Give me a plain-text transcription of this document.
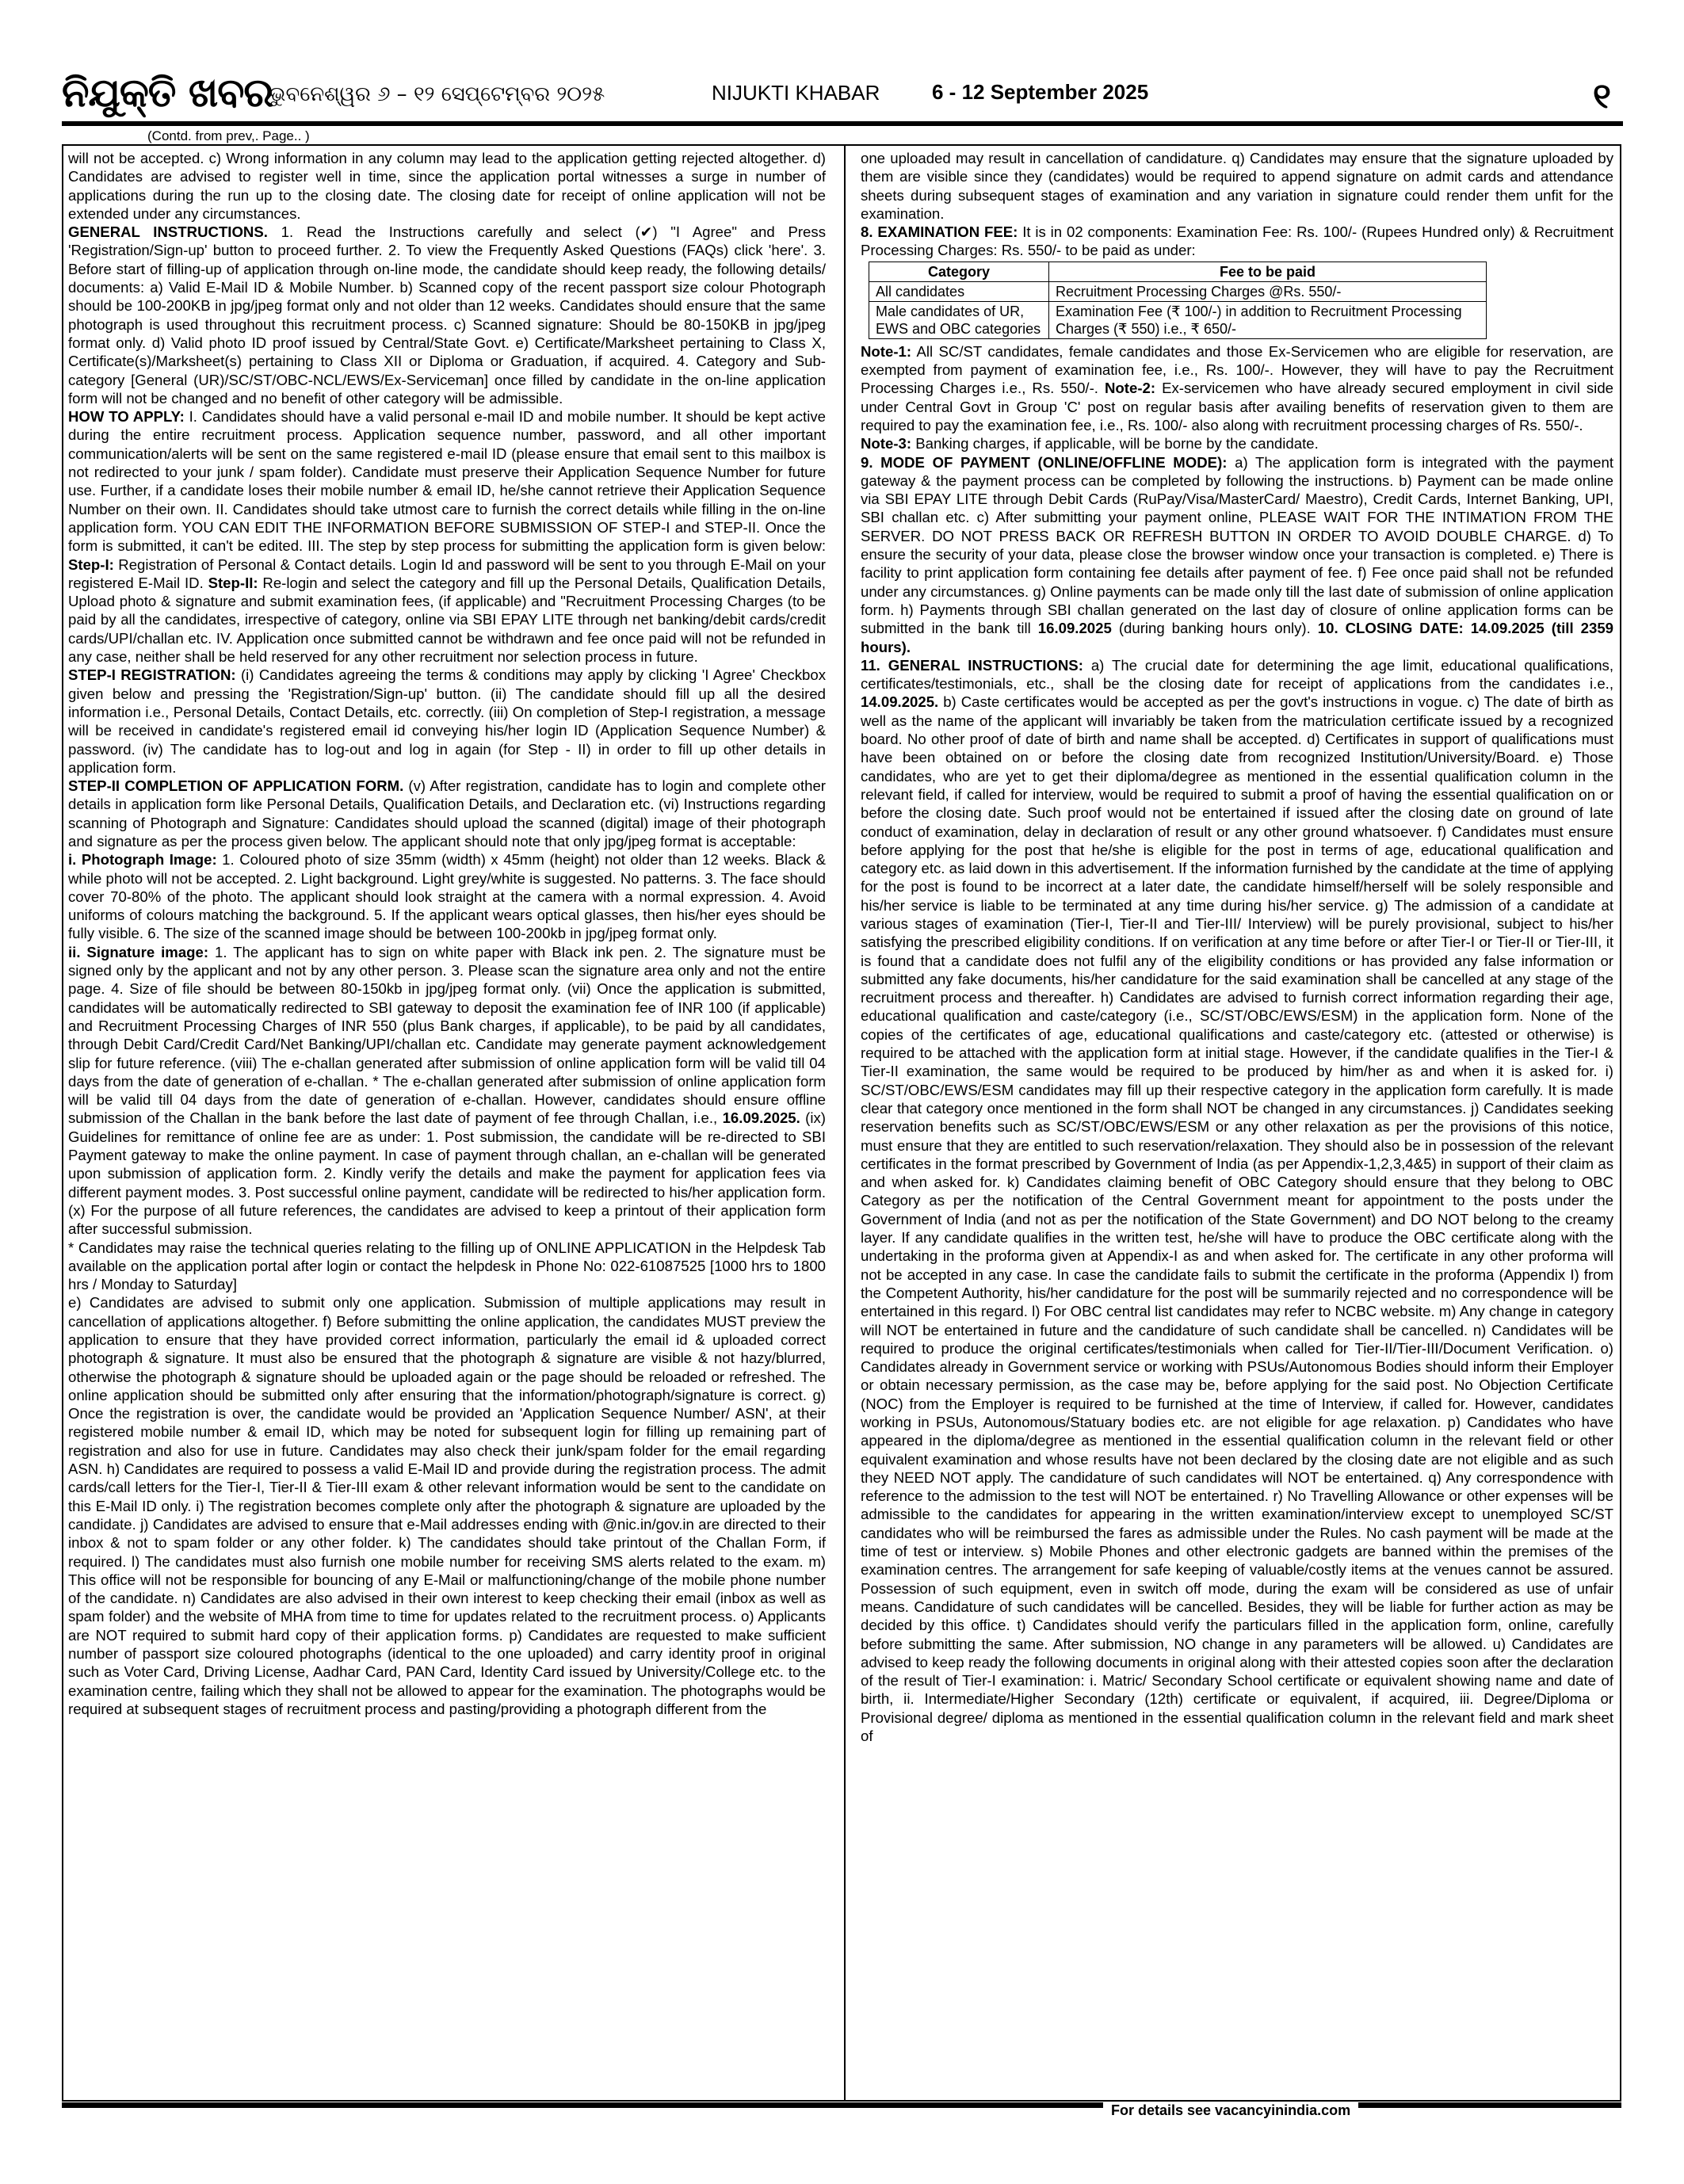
ନିଯୁକ୍ତି ଖବର
ଭୁବନେଶ୍ୱର ୬ – ୧୨ ସେପ୍ଟେମ୍ବର ୨୦୨୫	NIJUKTI KHABAR	6 - 12 September 2025	୧
(Contd. from prev,. Page.. )

will not be accepted. c) Wrong information in any column may lead to the application getting rejected altogether. d) Candidates are advised to register well in time, since the application portal witnesses a surge in number of applications during the run up to the closing date. The closing date for receipt of online application will not be extended under any circumstances.

GENERAL INSTRUCTIONS. 1. Read the Instructions carefully and select (✔) "I Agree" and Press 'Registration/Sign-up' button to proceed further. 2. To view the Frequently Asked Questions (FAQs) click 'here'. 3. Before start of filling-up of application through on-line mode, the candidate should keep ready, the following details/ documents: a) Valid E-Mail ID & Mobile Number. b) Scanned copy of the recent passport size colour Photograph should be 100-200KB in jpg/jpeg format only and not older than 12 weeks. Candidates should ensure that the same photograph is used throughout this recruitment process. c) Scanned signature: Should be 80-150KB in jpg/jpeg format only. d) Valid photo ID proof issued by Central/State Govt. e) Certificate/Marksheet pertaining to Class X, Certificate(s)/Marksheet(s) pertaining to Class XII or Diploma or Graduation, if acquired. 4. Category and Sub-category [General (UR)/SC/ST/OBC-NCL/EWS/Ex-Serviceman] once filled by candidate in the on-line application form will not be changed and no benefit of other category will be admissible.

HOW TO APPLY: I. Candidates should have a valid personal e-mail ID and mobile number. It should be kept active during the entire recruitment process. Application sequence number, password, and all other important communication/alerts will be sent on the same registered e-mail ID (please ensure that email sent to this mailbox is not redirected to your junk / spam folder). Candidate must preserve their Application Sequence Number for future use. Further, if a candidate loses their mobile number & email ID, he/she cannot retrieve their Application Sequence Number on their own. II. Candidates should take utmost care to furnish the correct details while filling in the on-line application form. YOU CAN EDIT THE INFORMATION BEFORE SUBMISSION OF STEP-I and STEP-II. Once the form is submitted, it can't be edited. III. The step by step process for submitting the application form is given below: Step-I: Registration of Personal & Contact details. Login Id and password will be sent to you through E-Mail on your registered E-Mail ID. Step-II: Re-login and select the category and fill up the Personal Details, Qualification Details, Upload photo & signature and submit examination fees, (if applicable) and "Recruitment Processing Charges (to be paid by all the candidates, irrespective of category, online via SBI EPAY LITE through net banking/debit cards/credit cards/UPI/challan etc. IV. Application once submitted cannot be withdrawn and fee once paid will not be refunded in any case, neither shall be held reserved for any other recruitment nor selection process in future.

STEP-I REGISTRATION: (i) Candidates agreeing the terms & conditions may apply by clicking 'I Agree' Checkbox given below and pressing the 'Registration/Sign-up' button. (ii) The candidate should fill up all the desired information i.e., Personal Details, Contact Details, etc. correctly. (iii) On completion of Step-I registration, a message will be received in candidate's registered email id conveying his/her login ID (Application Sequence Number) & password. (iv) The candidate has to log-out and log in again (for Step - II) in order to fill up other details in application form.

STEP-II COMPLETION OF APPLICATION FORM. (v) After registration, candidate has to login and complete other details in application form like Personal Details, Qualification Details, and Declaration etc. (vi) Instructions regarding scanning of Photograph and Signature: Candidates should upload the scanned (digital) image of their photograph and signature as per the process given below. The applicant should note that only jpg/jpeg format is acceptable:

i. Photograph Image: 1. Coloured photo of size 35mm (width) x 45mm (height) not older than 12 weeks. Black & while photo will not be accepted. 2. Light background. Light grey/white is suggested. No patterns. 3. The face should cover 70-80% of the photo. The applicant should look straight at the camera with a normal expression. 4. Avoid uniforms of colours matching the background. 5. If the applicant wears optical glasses, then his/her eyes should be fully visible. 6. The size of the scanned image should be between 100-200kb in jpg/jpeg format only.

ii. Signature image: 1. The applicant has to sign on white paper with Black ink pen. 2. The signature must be signed only by the applicant and not by any other person. 3. Please scan the signature area only and not the entire page. 4. Size of file should be between 80-150kb in jpg/jpeg format only. (vii) Once the application is submitted, candidates will be automatically redirected to SBI gateway to deposit the examination fee of INR 100 (if applicable) and Recruitment Processing Charges of INR 550 (plus Bank charges, if applicable), to be paid by all candidates, through Debit Card/Credit Card/Net Banking/UPI/challan etc. Candidate may generate payment acknowledgement slip for future reference. (viii) The e-challan generated after submission of online application form will be valid till 04 days from the date of generation of e-challan. * The e-challan generated after submission of online application form will be valid till 04 days from the date of generation of e-challan. However, candidates should ensure offline submission of the Challan in the bank before the last date of payment of fee through Challan, i.e., 16.09.2025. (ix) Guidelines for remittance of online fee are as under: 1. Post submission, the candidate will be re-directed to SBI Payment gateway to make the online payment. In case of payment through challan, an e-challan will be generated upon submission of application form. 2. Kindly verify the details and make the payment for application fees via different payment modes. 3. Post successful online payment, candidate will be redirected to his/her application form. (x) For the purpose of all future references, the candidates are advised to keep a printout of their application form after successful submission.

* Candidates may raise the technical queries relating to the filling up of ONLINE APPLICATION in the Helpdesk Tab available on the application portal after login or contact the helpdesk in Phone No: 022-61087525 [1000 hrs to 1800 hrs / Monday to Saturday]

e) Candidates are advised to submit only one application. Submission of multiple applications may result in cancellation of applications altogether. f) Before submitting the online application, the candidates MUST preview the application to ensure that they have provided correct information, particularly the email id & uploaded correct photograph & signature. It must also be ensured that the photograph & signature are visible & not hazy/blurred, otherwise the photograph & signature should be uploaded again or the page should be reloaded or refreshed. The online application should be submitted only after ensuring that the information/photograph/signature is correct. g) Once the registration is over, the candidate would be provided an 'Application Sequence Number/ ASN', at their registered mobile number & email ID, which may be noted for subsequent login for filling up remaining part of registration and also for use in future. Candidates may also check their junk/spam folder for the email regarding ASN. h) Candidates are required to possess a valid E-Mail ID and provide during the registration process. The admit cards/call letters for the Tier-I, Tier-II & Tier-III exam & other relevant information would be sent to the candidate on this E-Mail ID only. i) The registration becomes complete only after the photograph & signature are uploaded by the candidate. j) Candidates are advised to ensure that e-Mail addresses ending with @nic.in/gov.in are directed to their inbox & not to spam folder or any other folder. k) The candidates should take printout of the Challan Form, if required. l) The candidates must also furnish one mobile number for receiving SMS alerts related to the exam. m) This office will not be responsible for bouncing of any E-Mail or malfunctioning/change of the mobile phone number of the candidate. n) Candidates are also advised in their own interest to keep checking their email (inbox as well as spam folder) and the website of MHA from time to time for updates related to the recruitment process. o) Applicants are NOT required to submit hard copy of their application forms. p) Candidates are requested to make sufficient number of passport size coloured photographs (identical to the one uploaded) and carry identity proof in original such as Voter Card, Driving License, Aadhar Card, PAN Card, Identity Card issued by University/College etc. to the examination centre, failing which they shall not be allowed to appear for the examination. The photographs would be required at subsequent stages of recruitment process and pasting/providing a photograph different from the

one uploaded may result in cancellation of candidature. q) Candidates may ensure that the signature uploaded by them are visible since they (candidates) would be required to append signature on admit cards and attendance sheets during subsequent stages of examination and any variation in signature could render them unfit for the examination.

8. EXAMINATION FEE: It is in 02 components: Examination Fee: Rs. 100/- (Rupees Hundred only) & Recruitment Processing Charges: Rs. 550/- to be paid as under:

Category	Fee to be paid
All candidates	Recruitment Processing Charges @Rs. 550/-
Male candidates of UR, EWS and OBC categories	Examination Fee (₹ 100/-) in addition to Recruitment Processing Charges (₹ 550) i.e., ₹ 650/-

Note-1: All SC/ST candidates, female candidates and those Ex-Servicemen who are eligible for reservation, are exempted from payment of examination fee, i.e., Rs. 100/-. However, they will have to pay the Recruitment Processing Charges i.e., Rs. 550/-. Note-2: Ex-servicemen who have already secured employment in civil side under Central Govt in Group 'C' post on regular basis after availing benefits of reservation given to them are required to pay the examination fee, i.e., Rs. 100/- also along with recruitment processing charges of Rs. 550/-.

Note-3: Banking charges, if applicable, will be borne by the candidate.

9. MODE OF PAYMENT (ONLINE/OFFLINE MODE): a) The application form is integrated with the payment gateway & the payment process can be completed by following the instructions. b) Payment can be made online via SBI EPAY LITE through Debit Cards (RuPay/Visa/MasterCard/ Maestro), Credit Cards, Internet Banking, UPI, SBI challan etc. c) After submitting your payment online, PLEASE WAIT FOR THE INTIMATION FROM THE SERVER. DO NOT PRESS BACK OR REFRESH BUTTON IN ORDER TO AVOID DOUBLE CHARGE. d) To ensure the security of your data, please close the browser window once your transaction is completed. e) There is facility to print application form containing fee details after payment of fee. f) Fee once paid shall not be refunded under any circumstances. g) Online payments can be made only till the last date of submission of online application form. h) Payments through SBI challan generated on the last day of closure of online application forms can be submitted in the bank till 16.09.2025 (during banking hours only). 10. CLOSING DATE: 14.09.2025 (till 2359 hours).

11. GENERAL INSTRUCTIONS: a) The crucial date for determining the age limit, educational qualifications, certificates/testimonials, etc., shall be the closing date for receipt of applications from the candidates i.e., 14.09.2025. b) Caste certificates would be accepted as per the govt's instructions in vogue. c) The date of birth as well as the name of the applicant will invariably be taken from the matriculation certificate issued by a recognized board. No other proof of date of birth and name shall be accepted. d) Certificates in support of qualifications must have been obtained on or before the closing date from recognized Institution/University/Board. e) Those candidates, who are yet to get their diploma/degree as mentioned in the essential qualification column in the relevant field, if called for interview, would be required to submit a proof of having the essential qualification on or before the closing date. Such proof would not be entertained if issued after the closing date on ground of late conduct of examination, delay in declaration of result or any other ground whatsoever. f) Candidates must ensure before applying for the post that he/she is eligible for the post in terms of age, educational qualification and category etc. as laid down in this advertisement. If the information furnished by the candidate at the time of applying for the post is found to be incorrect at a later date, the candidate himself/herself will be solely responsible and his/her service is liable to be terminated at any time during his/her service. g) The admission of a candidate at various stages of examination (Tier-I, Tier-II and Tier-III/ Interview) will be purely provisional, subject to his/her satisfying the prescribed eligibility conditions. If on verification at any time before or after Tier-I or Tier-II or Tier-III, it is found that a candidate does not fulfil any of the eligibility conditions or has provided any false information or submitted any fake documents, his/her candidature for the said examination shall be cancelled at any stage of the recruitment process and thereafter. h) Candidates are advised to furnish correct information regarding their age, educational qualification and caste/category (i.e., SC/ST/OBC/EWS/ESM) in the application form. None of the copies of the certificates of age, educational qualifications and caste/category etc. (attested or otherwise) is required to be attached with the application form at initial stage. However, if the candidate qualifies in the Tier-I & Tier-II examination, the same would be required to be produced by him/her as and when it is asked for. i) SC/ST/OBC/EWS/ESM candidates may fill up their respective category in the application form carefully. It is made clear that category once mentioned in the form shall NOT be changed in any circumstances. j) Candidates seeking reservation benefits such as SC/ST/OBC/EWS/ESM or any other relaxation as per the provisions of this notice, must ensure that they are entitled to such reservation/relaxation. They should also be in possession of the relevant certificates in the format prescribed by Government of India (as per Appendix-1,2,3,4&5) in support of their claim as and when asked for. k) Candidates claiming benefit of OBC Category should ensure that they belong to OBC Category as per the notification of the Central Government meant for appointment to the posts under the Government of India (and not as per the notification of the State Government) and DO NOT belong to the creamy layer. If any candidate qualifies in the written test, he/she will have to produce the OBC certificate along with the undertaking in the proforma given at Appendix-I as and when asked for. The certificate in any other proforma will not be accepted in any case. In case the candidate fails to submit the certificate in the proforma (Appendix I) from the Competent Authority, his/her candidature for the post will be summarily rejected and no correspondence will be entertained in this regard. l) For OBC central list candidates may refer to NCBC website. m) Any change in category will NOT be entertained in future and the candidature of such candidate shall be cancelled. n) Candidates will be required to produce the original certificates/testimonials when called for Tier-II/Tier-III/Document Verification. o) Candidates already in Government service or working with PSUs/Autonomous Bodies should inform their Employer or obtain necessary permission, as the case may be, before applying for the said post. No Objection Certificate (NOC) from the Employer is required to be furnished at the time of Interview, if called for. However, candidates working in PSUs, Autonomous/Statuary bodies etc. are not eligible for age relaxation. p) Candidates who have appeared in the diploma/degree as mentioned in the essential qualification column in the relevant field or other equivalent examination and whose results have not been declared by the closing date are not eligible and as such they NEED NOT apply. The candidature of such candidates will NOT be entertained. q) Any correspondence with reference to the admission to the test will NOT be entertained. r) No Travelling Allowance or other expenses will be admissible to the candidates for appearing in the written examination/interview except to unemployed SC/ST candidates who will be reimbursed the fares as admissible under the Rules. No cash payment will be made at the time of test or interview. s) Mobile Phones and other electronic gadgets are banned within the premises of the examination centres. The arrangement for safe keeping of valuable/costly items at the venues cannot be assured. Possession of such equipment, even in switch off mode, during the exam will be considered as use of unfair means. Candidature of such candidates will be cancelled. Besides, they will be liable for further action as may be decided by this office. t) Candidates should verify the particulars filled in the application form, online, carefully before submitting the same. After submission, NO change in any parameters will be allowed. u) Candidates are advised to keep ready the following documents in original along with their attested copies soon after the declaration of the result of Tier-I examination: i. Matric/ Secondary School certificate or equivalent showing name and date of birth, ii. Intermediate/Higher Secondary (12th) certificate or equivalent, if acquired, iii. Degree/Diploma or Provisional degree/ diploma as mentioned in the essential qualification column in the relevant field and mark sheet of

For details see vacancyinindia.com
